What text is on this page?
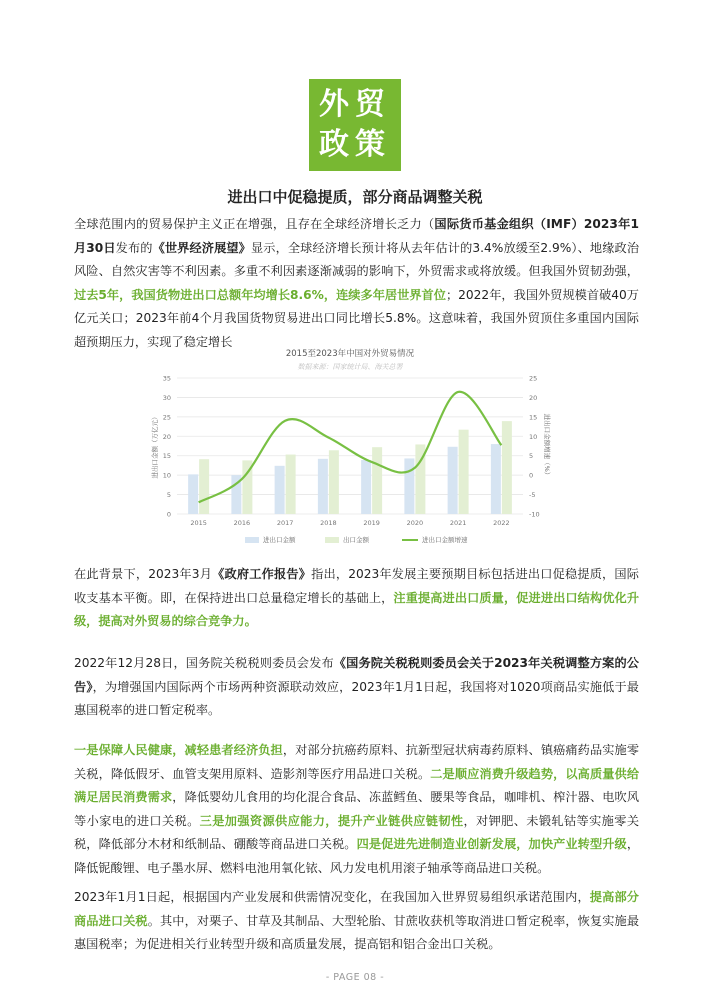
外贸
政策
进出口中促稳提质，部分商品调整关税
全球范围内的贸易保护主义正在增强，且存在全球经济增长乏力（国际货币基金组织（IMF）2023年1月30日发布的《世界经济展望》显示，全球经济增长预计将从去年估计的3.4%放缓至2.9%）、地缘政治风险、自然灾害等不利因素。多重不利因素逐渐减弱的影响下，外贸需求或将放缓。但我国外贸韧劲强，过去5年，我国货物进出口总额年均增长8.6%，连续多年居世界首位；2022年，我国外贸规模首破40万亿元关口；2023年前4个月我国货物贸易进出口同比增长5.8%。这意味着，我国外贸顶住多重国内国际超预期压力，实现了稳定增长
2015至2023年中国对外贸易情况
数据来源：国家统计局、海关总署
0
5
10
15
20
25
30
35
-10
-5
0
5
10
15
20
25
进出口金额（万亿元）	进出口金额增速（%）
2015	2016	2017	2018	2019	2020	2021	2022
进出口金额	出口金额	进出口金额增速
在此背景下，2023年3月《政府工作报告》指出，2023年发展主要预期目标包括进出口促稳提质，国际收支基本平衡。即，在保持进出口总量稳定增长的基础上，注重提高进出口质量，促进进出口结构优化升级，提高对外贸易的综合竞争力。
2022年12月28日，国务院关税税则委员会发布《国务院关税税则委员会关于2023年关税调整方案的公告》，为增强国内国际两个市场两种资源联动效应，2023年1月1日起，我国将对1020项商品实施低于最惠国税率的进口暂定税率。
一是保障人民健康，减轻患者经济负担，对部分抗癌药原料、抗新型冠状病毒药原料、镇癌痛药品实施零关税，降低假牙、血管支架用原料、造影剂等医疗用品进口关税。二是顺应消费升级趋势，以高质量供给满足居民消费需求，降低婴幼儿食用的均化混合食品、冻蓝鳕鱼、腰果等食品，咖啡机、榨汁器、电吹风等小家电的进口关税。三是加强资源供应能力，提升产业链供应链韧性，对钾肥、未锻轧钴等实施零关税，降低部分木材和纸制品、硼酸等商品进口关税。四是促进先进制造业创新发展，加快产业转型升级，降低铌酸锂、电子墨水屏、燃料电池用氧化铱、风力发电机用滚子轴承等商品进口关税。
2023年1月1日起，根据国内产业发展和供需情况变化，在我国加入世界贸易组织承诺范围内，提高部分商品进口关税。其中，对栗子、甘草及其制品、大型轮胎、甘蔗收获机等取消进口暂定税率，恢复实施最惠国税率；为促进相关行业转型升级和高质量发展，提高铝和铝合金出口关税。
- PAGE 08 -
